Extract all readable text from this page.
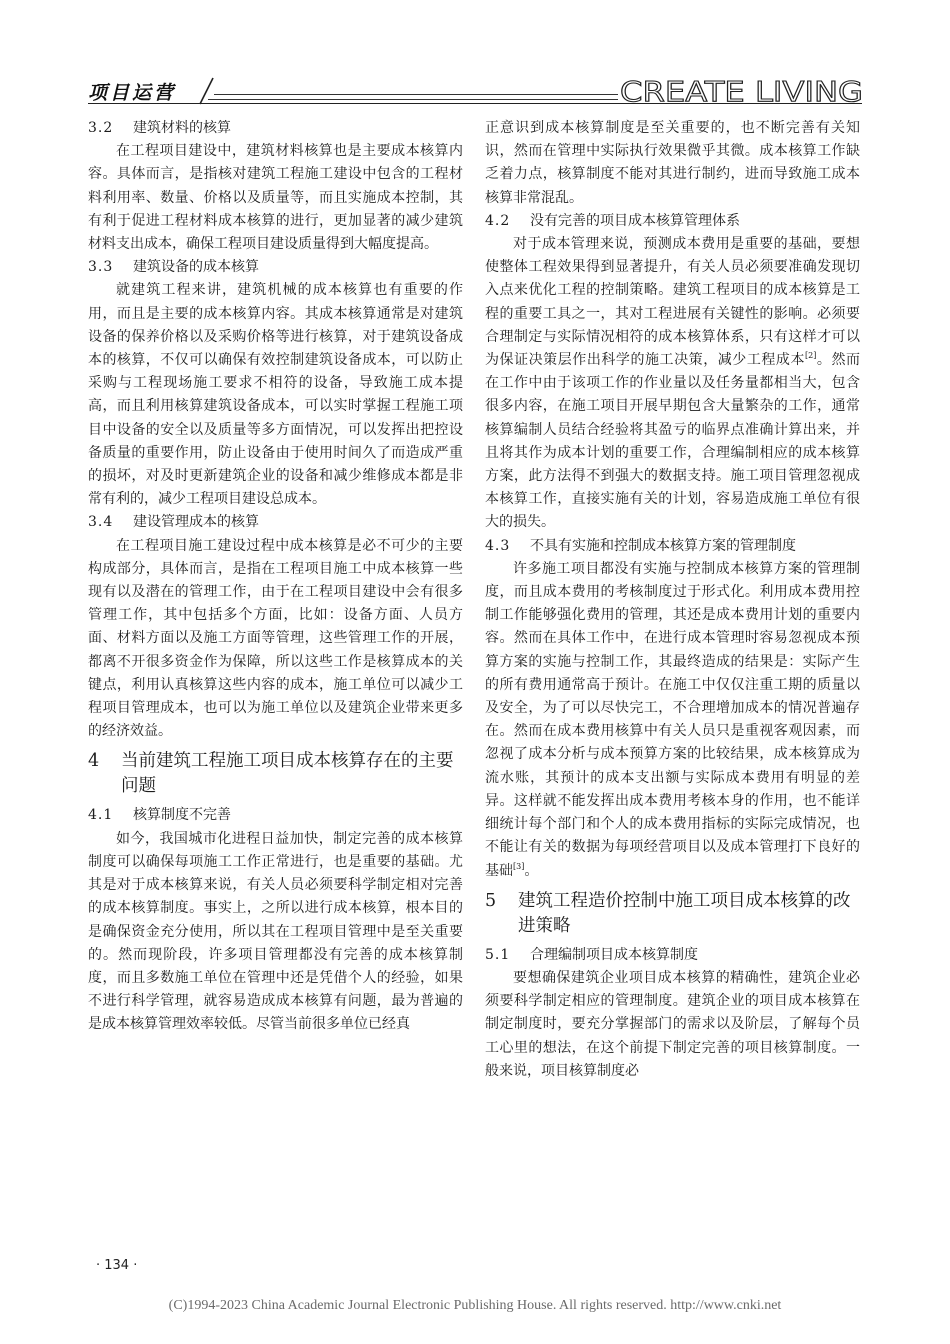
项目运营	CREATE LIVING
3.2 建筑材料的核算

在工程项目建设中，建筑材料核算也是主要成本核算内容。具体而言，是指核对建筑工程施工建设中包含的工程材料利用率、数量、价格以及质量等，而且实施成本控制，其有利于促进工程材料成本核算的进行，更加显著的减少建筑材料支出成本，确保工程项目建设质量得到大幅度提高。

3.3 建筑设备的成本核算

就建筑工程来讲，建筑机械的成本核算也有重要的作用，而且是主要的成本核算内容。其成本核算通常是对建筑设备的保养价格以及采购价格等进行核算，对于建筑设备成本的核算，不仅可以确保有效控制建筑设备成本，可以防止采购与工程现场施工要求不相符的设备，导致施工成本提高，而且利用核算建筑设备成本，可以实时掌握工程施工项目中设备的安全以及质量等多方面情况，可以发挥出把控设备质量的重要作用，防止设备由于使用时间久了而造成严重的损坏，对及时更新建筑企业的设备和减少维修成本都是非常有利的，减少工程项目建设总成本。

3.4 建设管理成本的核算

在工程项目施工建设过程中成本核算是必不可少的主要构成部分，具体而言，是指在工程项目施工中成本核算一些现有以及潜在的管理工作，由于在工程项目建设中会有很多管理工作，其中包括多个方面，比如：设备方面、人员方面、材料方面以及施工方面等管理，这些管理工作的开展，都离不开很多资金作为保障，所以这些工作是核算成本的关键点，利用认真核算这些内容的成本，施工单位可以减少工程项目管理成本，也可以为施工单位以及建筑企业带来更多的经济效益。

4 当前建筑工程施工项目成本核算存在的主要问题
4.1 核算制度不完善

如今，我国城市化进程日益加快，制定完善的成本核算制度可以确保每项施工工作正常进行，也是重要的基础。尤其是对于成本核算来说，有关人员必须要科学制定相对完善的成本核算制度。事实上，之所以进行成本核算，根本目的是确保资金充分使用，所以其在工程项目管理中是至关重要的。然而现阶段，许多项目管理都没有完善的成本核算制度，而且多数施工单位在管理中还是凭借个人的经验，如果不进行科学管理，就容易造成成本核算有问题，最为普遍的是成本核算管理效率较低。尽管当前很多单位已经真

正意识到成本核算制度是至关重要的，也不断完善有关知识，然而在管理中实际执行效果微乎其微。成本核算工作缺乏着力点，核算制度不能对其进行制约，进而导致施工成本核算非常混乱。

4.2 没有完善的项目成本核算管理体系

对于成本管理来说，预测成本费用是重要的基础，要想使整体工程效果得到显著提升，有关人员必须要准确发现切入点来优化工程的控制策略。建筑工程项目的成本核算是工程的重要工具之一，其对工程进展有关键性的影响。必须要合理制定与实际情况相符的成本核算体系，只有这样才可以为保证决策层作出科学的施工决策，减少工程成本[2]。然而在工作中由于该项工作的作业量以及任务量都相当大，包含很多内容，在施工项目开展早期包含大量繁杂的工作，通常核算编制人员结合经验将其盈亏的临界点准确计算出来，并且将其作为成本计划的重要工作，合理编制相应的成本核算方案，此方法得不到强大的数据支持。施工项目管理忽视成本核算工作，直接实施有关的计划，容易造成施工单位有很大的损失。

4.3 不具有实施和控制成本核算方案的管理制度

许多施工项目都没有实施与控制成本核算方案的管理制度，而且成本费用的考核制度过于形式化。利用成本费用控制工作能够强化费用的管理，其还是成本费用计划的重要内容。然而在具体工作中，在进行成本管理时容易忽视成本预算方案的实施与控制工作，其最终造成的结果是：实际产生的所有费用通常高于预计。在施工中仅仅注重工期的质量以及安全，为了可以尽快完工，不合理增加成本的情况普遍存在。然而在成本费用核算中有关人员只是重视客观因素，而忽视了成本分析与成本预算方案的比较结果，成本核算成为流水账，其预计的成本支出额与实际成本费用有明显的差异。这样就不能发挥出成本费用考核本身的作用，也不能详细统计每个部门和个人的成本费用指标的实际完成情况，也不能让有关的数据为每项经营项目以及成本管理打下良好的基础[3]。

5 建筑工程造价控制中施工项目成本核算的改进策略
5.1 合理编制项目成本核算制度

要想确保建筑企业项目成本核算的精确性，建筑企业必须要科学制定相应的管理制度。建筑企业的项目成本核算在制定制度时，要充分掌握部门的需求以及阶层，了解每个员工心里的想法，在这个前提下制定完善的项目核算制度。一般来说，项目核算制度必

· 134 ·
(C)1994-2023 China Academic Journal Electronic Publishing House. All rights reserved. http://www.cnki.net
